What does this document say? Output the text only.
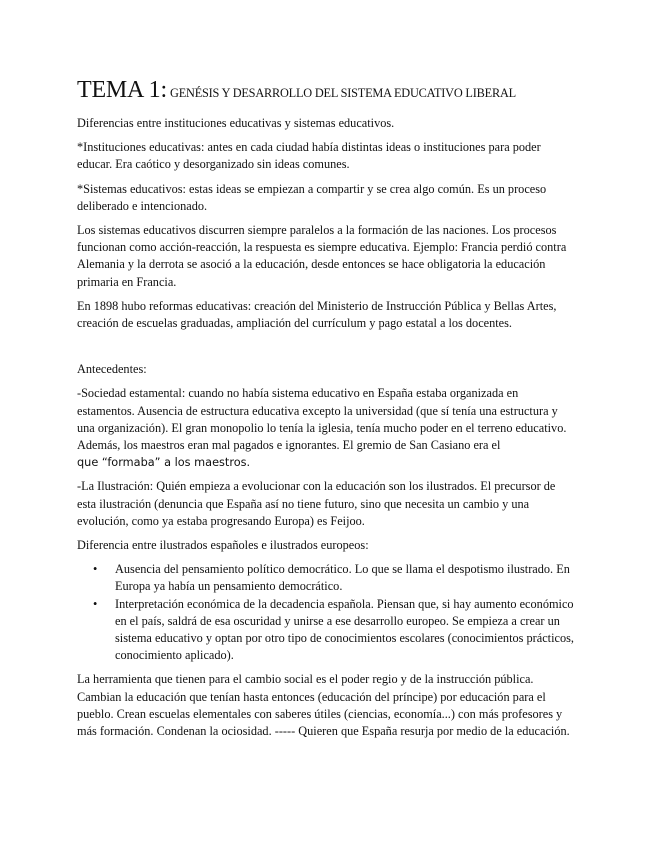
TEMA 1: GENÉSIS Y DESARROLLO DEL SISTEMA EDUCATIVO LIBERAL

Diferencias entre instituciones educativas y sistemas educativos.

*Instituciones educativas: antes en cada ciudad había distintas ideas o instituciones para poder educar. Era caótico y desorganizado sin ideas comunes.

*Sistemas educativos: estas ideas se empiezan a compartir y se crea algo común. Es un proceso deliberado e intencionado.

Los sistemas educativos discurren siempre paralelos a la formación de las naciones. Los procesos funcionan como acción-reacción, la respuesta es siempre educativa. Ejemplo: Francia perdió contra Alemania y la derrota se asoció a la educación, desde entonces se hace obligatoria la educación primaria en Francia.

En 1898 hubo reformas educativas: creación del Ministerio de Instrucción Pública y Bellas Artes, creación de escuelas graduadas, ampliación del currículum y pago estatal a los docentes.

Antecedentes:

-Sociedad estamental: cuando no había sistema educativo en España estaba organizada en estamentos. Ausencia de estructura educativa excepto la universidad (que sí tenía una estructura y una organización). El gran monopolio lo tenía la iglesia, tenía mucho poder en el terreno educativo. Además, los maestros eran mal pagados e ignorantes. El gremio de San Casiano era el
que “formaba” a los maestros.

-La Ilustración: Quién empieza a evolucionar con la educación son los ilustrados. El precursor de esta ilustración (denuncia que España así no tiene futuro, sino que necesita un cambio y una evolución, como ya estaba progresando Europa) es Feijoo.

Diferencia entre ilustrados españoles e ilustrados europeos:

• Ausencia del pensamiento político democrático. Lo que se llama el despotismo ilustrado. En Europa ya había un pensamiento democrático.
• Interpretación económica de la decadencia española. Piensan que, si hay aumento económico en el país, saldrá de esa oscuridad y unirse a ese desarrollo europeo. Se empieza a crear un sistema educativo y optan por otro tipo de conocimientos escolares (conocimientos prácticos, conocimiento aplicado).

La herramienta que tienen para el cambio social es el poder regio y de la instrucción pública. Cambian la educación que tenían hasta entonces (educación del príncipe) por educación para el pueblo. Crean escuelas elementales con saberes útiles (ciencias, economía...) con más profesores y más formación. Condenan la ociosidad. ----- Quieren que España resurja por medio de la educación.
